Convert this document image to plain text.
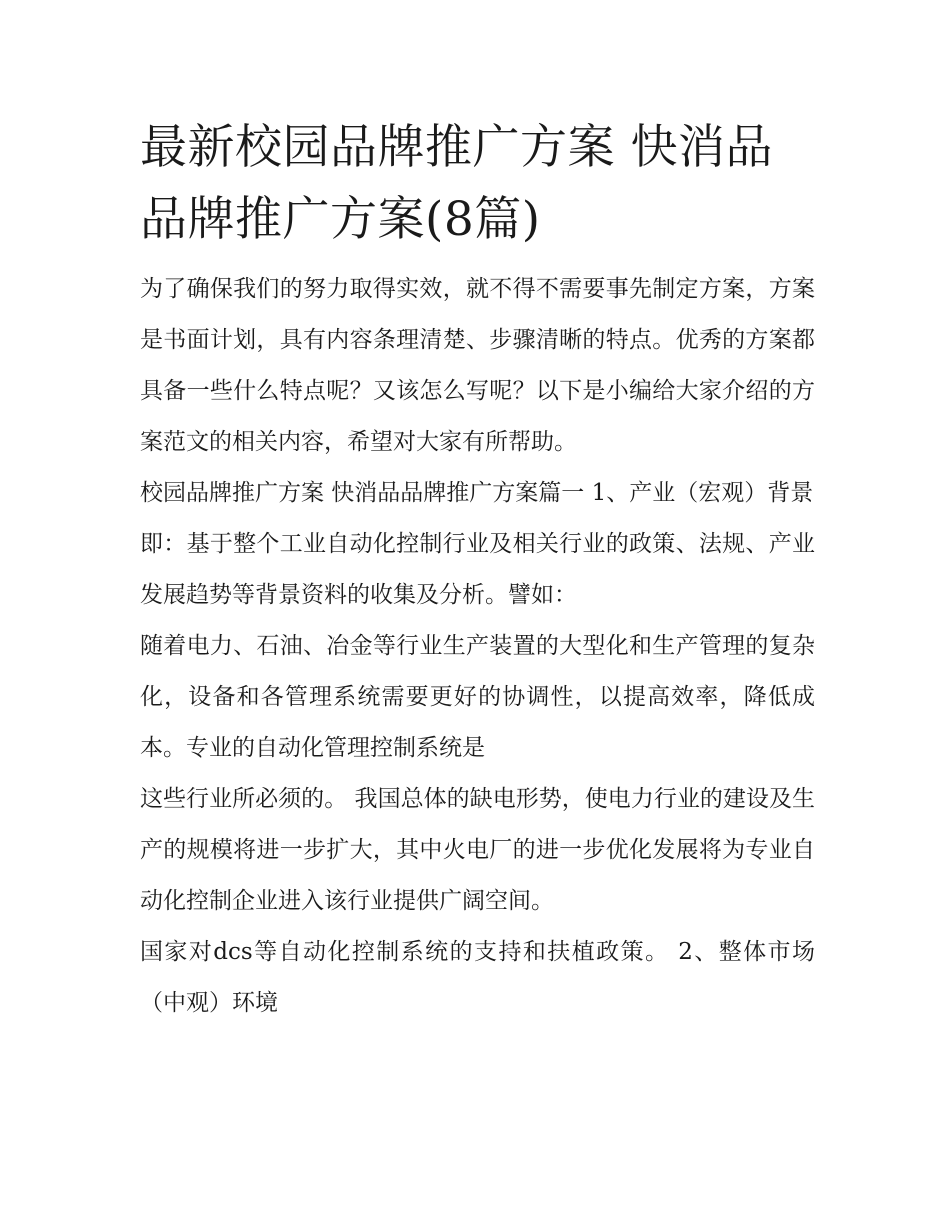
最新校园品牌推广方案 快消品品牌推广方案(8篇)

为了确保我们的努力取得实效，就不得不需要事先制定方案，方案是书面计划，具有内容条理清楚、步骤清晰的特点。优秀的方案都具备一些什么特点呢？又该怎么写呢？以下是小编给大家介绍的方案范文的相关内容，希望对大家有所帮助。

校园品牌推广方案 快消品品牌推广方案篇一 1、产业（宏观）背景

即：基于整个工业自动化控制行业及相关行业的政策、法规、产业发展趋势等背景资料的收集及分析。譬如：

随着电力、石油、冶金等行业生产装置的大型化和生产管理的复杂化，设备和各管理系统需要更好的协调性，以提高效率，降低成本。专业的自动化管理控制系统是

这些行业所必须的。 我国总体的缺电形势，使电力行业的建设及生产的规模将进一步扩大，其中火电厂的进一步优化发展将为专业自动化控制企业进入该行业提供广阔空间。

国家对dcs等自动化控制系统的支持和扶植政策。 2、整体市场（中观）环境
